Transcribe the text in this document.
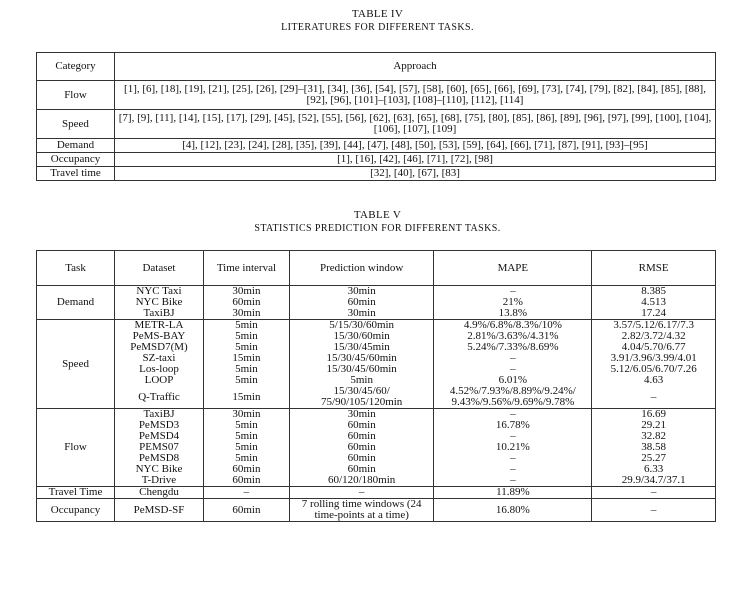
TABLE IV
LITERATURES FOR DIFFERENT TASKS.
Category	Approach
Flow	[1], [6], [18], [19], [21], [25], [26], [29]–[31], [34], [36], [54], [57], [58], [60], [65], [66], [69], [73], [74], [79], [82], [84], [85], [88], [92], [96], [101]–[103], [108]–[110], [112], [114]
Speed	[7], [9], [11], [14], [15], [17], [29], [45], [52], [55], [56], [62], [63], [65], [68], [75], [80], [85], [86], [89], [96], [97], [99], [100], [104], [106], [107], [109]
Demand	[4], [12], [23], [24], [28], [35], [39], [44], [47], [48], [50], [53], [59], [64], [66], [71], [87], [91], [93]–[95]
Occupancy	[1], [16], [42], [46], [71], [72], [98]
Travel time	[32], [40], [67], [83]
TABLE V
STATISTICS PREDICTION FOR DIFFERENT TASKS.
Task	Dataset	Time interval	Prediction window	MAPE	RMSE
Demand	NYC Taxi	30min	30min	–	8.385
	NYC Bike	60min	60min	21%	4.513
	TaxiBJ	30min	30min	13.8%	17.24
Speed	METR-LA	5min	5/15/30/60min	4.9%/6.8%/8.3%/10%	3.57/5.12/6.17/7.3
	PeMS-BAY	5min	15/30/60min	2.81%/3.63%/4.31%	2.82/3.72/4.32
	PeMSD7(M)	5min	15/30/45min	5.24%/7.33%/8.69%	4.04/5.70/6.77
	SZ-taxi	15min	15/30/45/60min	–	3.91/3.96/3.99/4.01
	Los-loop	5min	15/30/45/60min	–	5.12/6.05/6.70/7.26
	LOOP	5min	5min	6.01%	4.63
	Q-Traffic	15min	15/30/45/60/ 75/90/105/120min	4.52%/7.93%/8.89%/9.24%/ 9.43%/9.56%/9.69%/9.78%	–
Flow	TaxiBJ	30min	30min	–	16.69
	PeMSD3	5min	60min	16.78%	29.21
	PeMSD4	5min	60min	–	32.82
	PEMS07	5min	60min	10.21%	38.58
	PeMSD8	5min	60min	–	25.27
	NYC Bike	60min	60min	–	6.33
	T-Drive	60min	60/120/180min	–	29.9/34.7/37.1
Travel Time	Chengdu	–	–	11.89%	–
Occupancy	PeMSD-SF	60min	7 rolling time windows (24 time-points at a time)	16.80%	–
